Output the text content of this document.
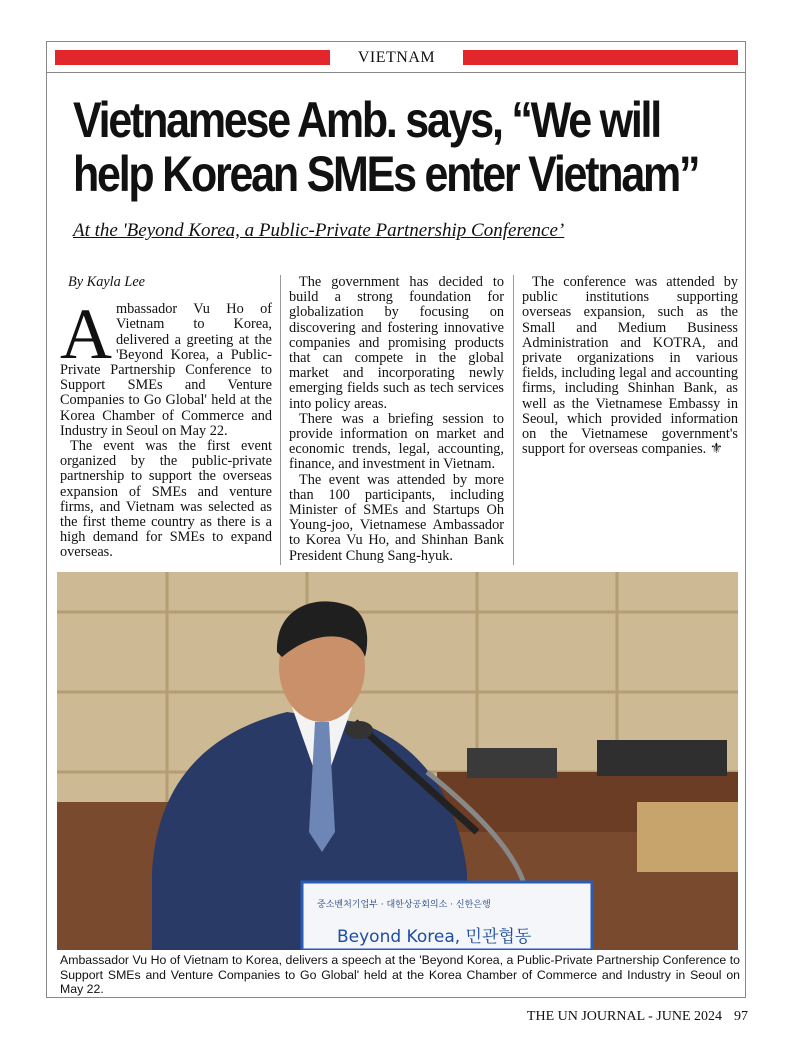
VIETNAM
Vietnamese Amb. says, “We will
help Korean SMEs enter Vietnam”
At the 'Beyond Korea, a Public-Private Partnership Conference’

By Kayla Lee

Ambassador Vu Ho of Vietnam to Korea, delivered a greeting at the 'Beyond Korea, a Public-Private Partnership Conference to Support SMEs and Venture Companies to Go Global' held at the Korea Chamber of Commerce and Industry in Seoul on May 22.

The event was the first event organized by the public-private partnership to support the overseas expansion of SMEs and venture firms, and Vietnam was selected as the first theme country as there is a high demand for SMEs to expand overseas.

The government has decided to build a strong foundation for globalization by focusing on discovering and fostering innovative companies and promising products that can compete in the global market and incorporating newly emerging fields such as tech services into policy areas.

There was a briefing session to provide information on market and economic trends, legal, accounting, finance, and investment in Vietnam.

The event was attended by more than 100 participants, including Minister of SMEs and Startups Oh Young-joo, Vietnamese Ambassador to Korea Vu Ho, and Shinhan Bank President Chung Sang-hyuk.

The conference was attended by public institutions supporting overseas expansion, such as the Small and Medium Business Administration and KOTRA, and private organizations in various fields, including legal and accounting firms, including Shinhan Bank, as well as the Vietnamese Embassy in Seoul, which provided information on the Vietnamese government's support for overseas companies. ⚜

중소벤처기업부 · 대한상공회의소 · 신한은행
Beyond Korea, 민관협동
Ambassador Vu Ho of Vietnam to Korea, delivers a speech at the 'Beyond Korea, a Public-Private Partnership Conference to Support SMEs and Venture Companies to Go Global' held at the Korea Chamber of Commerce and Industry in Seoul on May 22.
THE UN JOURNAL - JUNE 2024 97
